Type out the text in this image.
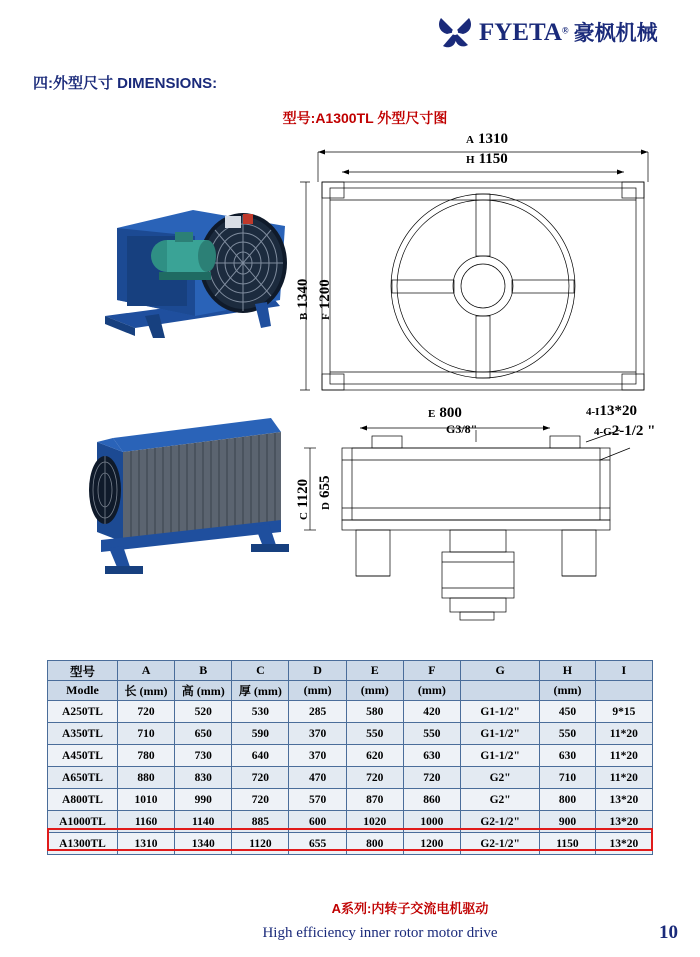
FYETA® 豪枫机械
四:外型尺寸 DIMENSIONS:
型号:A1300TL 外型尺寸图
A 1310
H 1150
B 1340
F 1200
E 800
C 1120 D 655
G3/8"
4-I13*20
4-G2-1/2 "
型号	A	B	C	D	E	F	G	H	I
Modle	长 (mm)	高 (mm)	厚 (mm)	(mm)	(mm)	(mm)		(mm)	
A250TL	720	520	530	285	580	420	G1-1/2"	450	9*15
A350TL	710	650	590	370	550	550	G1-1/2"	550	11*20
A450TL	780	730	640	370	620	630	G1-1/2"	630	11*20
A650TL	880	830	720	470	720	720	G2"	710	11*20
A800TL	1010	990	720	570	870	860	G2"	800	13*20
A1000TL	1160	1140	885	600	1020	1000	G2-1/2"	900	13*20
A1300TL	1310	1340	1120	655	800	1200	G2-1/2"	1150	13*20
A系列:内转子交流电机驱动
High efficiency inner rotor motor drive	10
